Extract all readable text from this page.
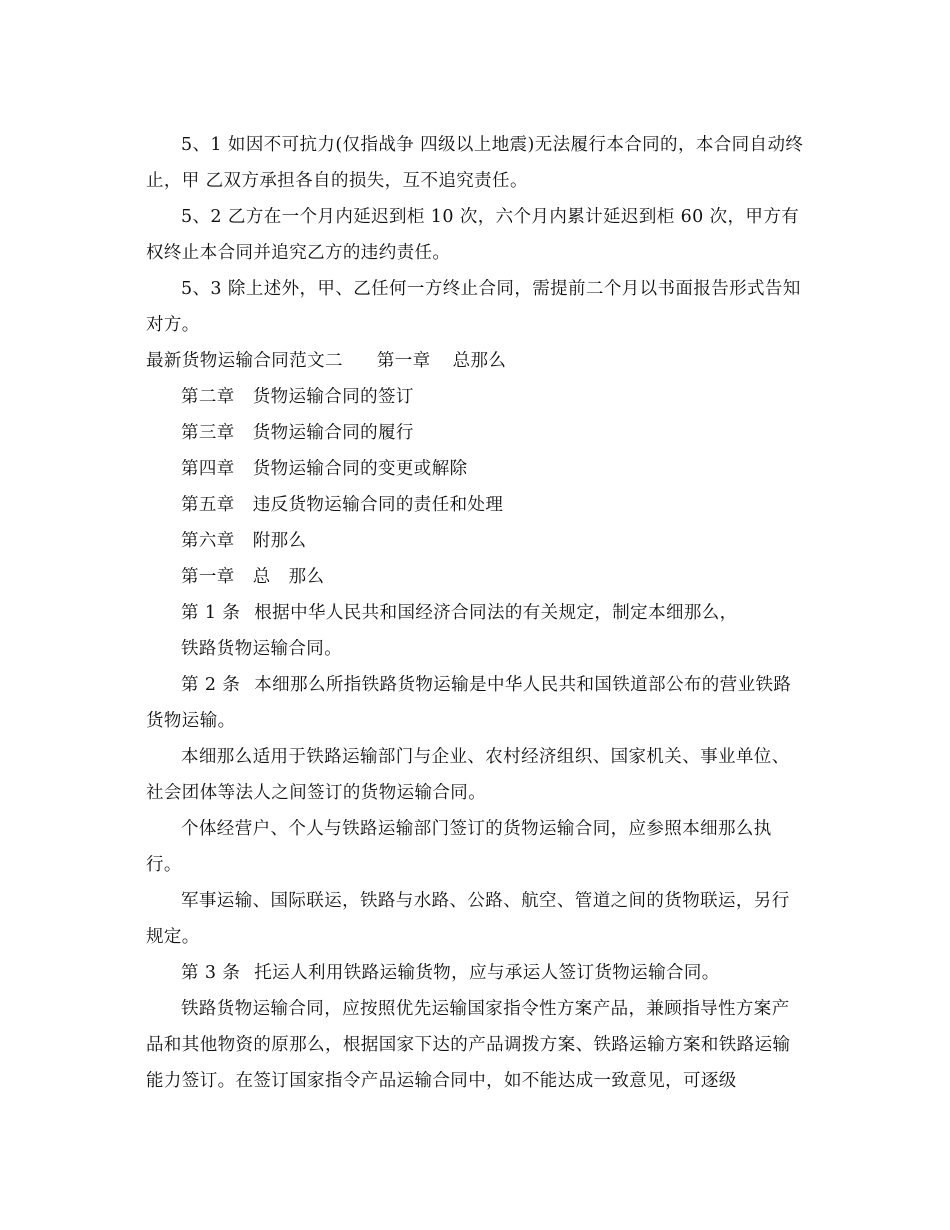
5、1 如因不可抗力(仅指战争 四级以上地震)无法履行本合同的，本合同自动终止，甲 乙双方承担各自的损失，互不追究责任。

5、2 乙方在一个月内延迟到柜 10 次，六个月内累计延迟到柜 60 次，甲方有权终止本合同并追究乙方的违约责任。

5、3 除上述外，甲、乙任何一方终止合同，需提前二个月以书面报告形式告知对方。

最新货物运输合同范文二 第一章 总那么

第二章 货物运输合同的签订

第三章 货物运输合同的履行

第四章 货物运输合同的变更或解除

第五章 违反货物运输合同的责任和处理

第六章 附那么

第一章 总 那么

第 1 条 根据中华人民共和国经济合同法的有关规定，制定本细那么，

铁路货物运输合同。

第 2 条 本细那么所指铁路货物运输是中华人民共和国铁道部公布的营业铁路货物运输。

本细那么适用于铁路运输部门与企业、农村经济组织、国家机关、事业单位、社会团体等法人之间签订的货物运输合同。

个体经营户、个人与铁路运输部门签订的货物运输合同，应参照本细那么执行。

军事运输、国际联运，铁路与水路、公路、航空、管道之间的货物联运，另行规定。

第 3 条 托运人利用铁路运输货物，应与承运人签订货物运输合同。

铁路货物运输合同，应按照优先运输国家指令性方案产品，兼顾指导性方案产品和其他物资的原那么，根据国家下达的产品调拨方案、铁路运输方案和铁路运输能力签订。在签订国家指令产品运输合同中，如不能达成一致意见，可逐级
